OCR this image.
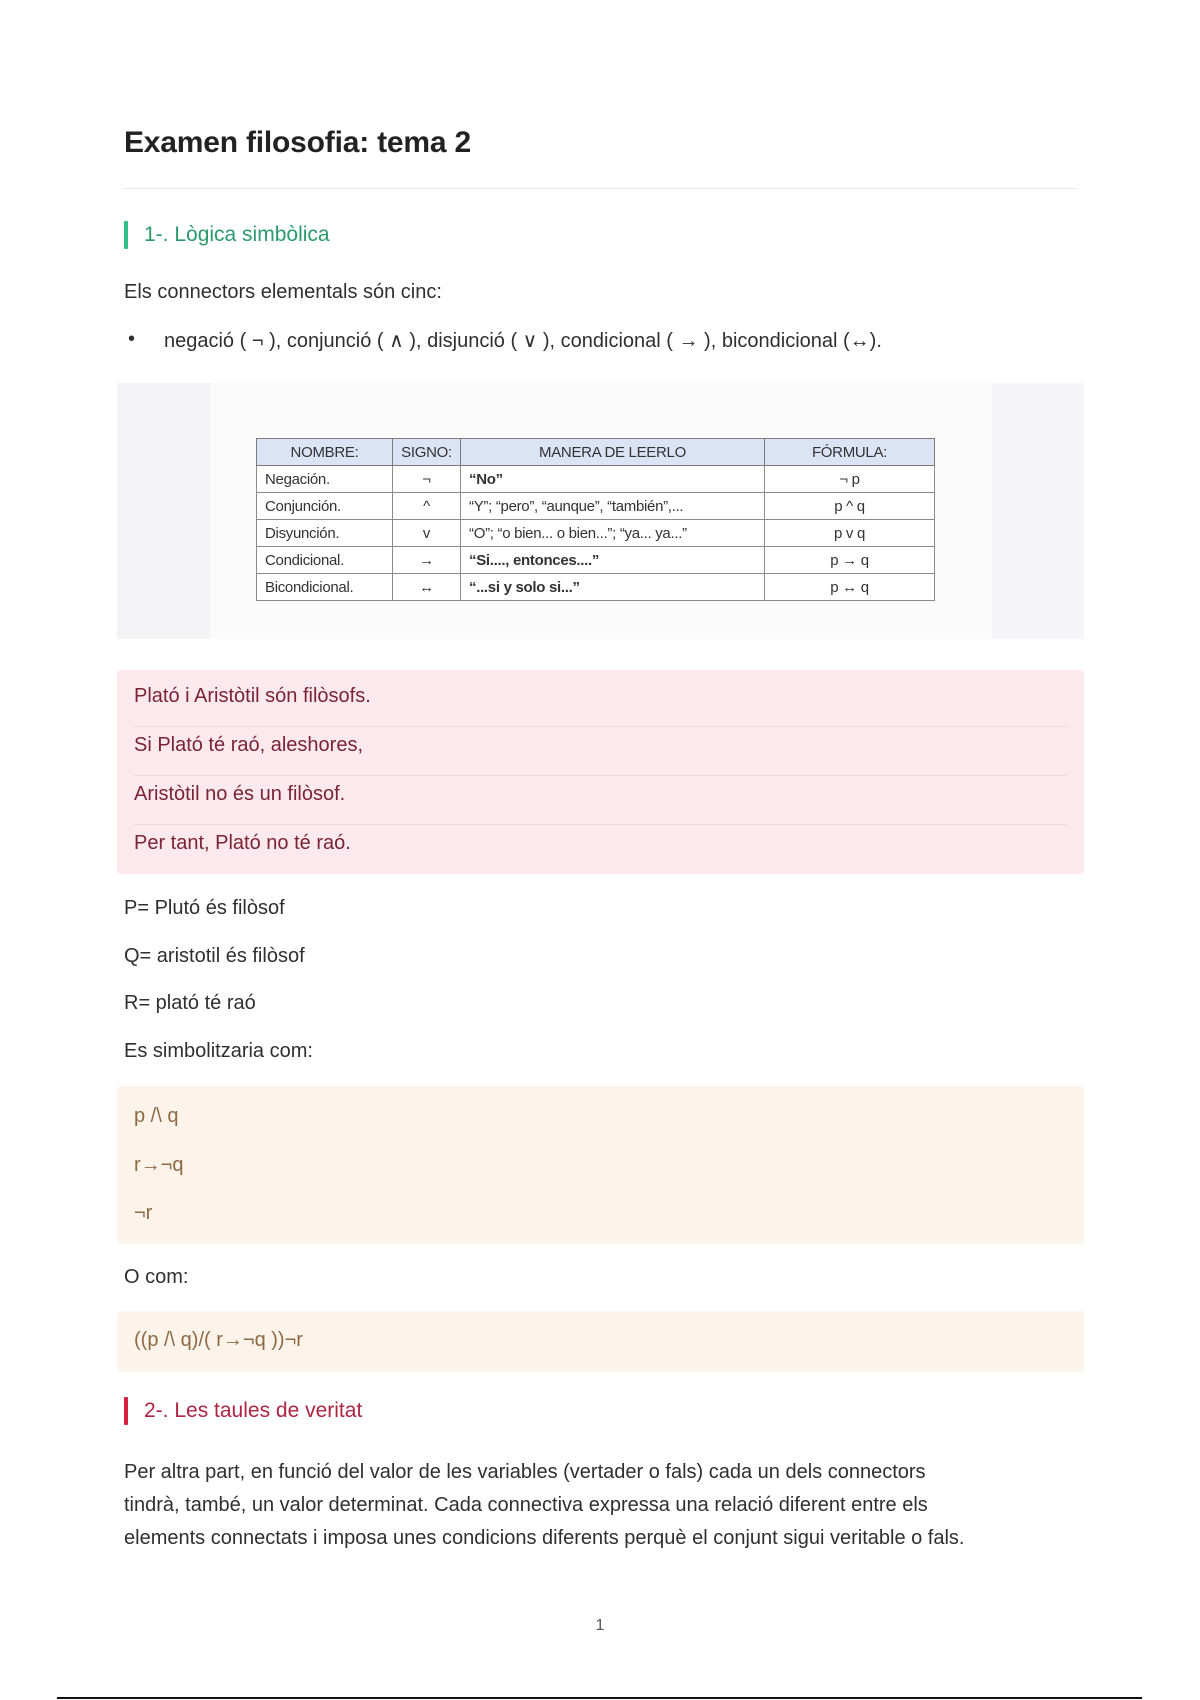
Examen filosofia: tema 2
1-. Lògica simbòlica
Els connectors elementals són cinc:
•	negació ( ¬ ), conjunció ( ∧ ), disjunció ( ∨ ), condicional ( → ), bicondicional (↔).
NOMBRE:	SIGNO:	MANERA DE LEERLO	FÓRMULA:
Negación.	¬	“No”	¬ p
Conjunción.	^	“Y”; “pero”, “aunque”, “también”,...	p ^ q
Disyunción.	v	“O”; “o bien... o bien...”; “ya... ya...”	p v q
Condicional.	→	“Si...., entonces....”	p → q
Bicondicional.	↔	“...si y solo si...”	p ↔ q
Plató i Aristòtil són filòsofs.
Si Plató té raó, aleshores,
Aristòtil no és un filòsof.
Per tant, Plató no té raó.
P= Plutó és filòsof
Q= aristotil és filòsof
R= plató té raó
Es simbolitzaria com:
p /\ q
r→¬q
¬r
O com:
((p /\ q)/( r→¬q ))¬r
2-. Les taules de veritat
Per altra part, en funció del valor de les variables (vertader o fals) cada un dels connectors
tindrà, també, un valor determinat. Cada connectiva expressa una relació diferent entre els
elements connectats i imposa unes condicions diferents perquè el conjunt sigui veritable o fals.
1
